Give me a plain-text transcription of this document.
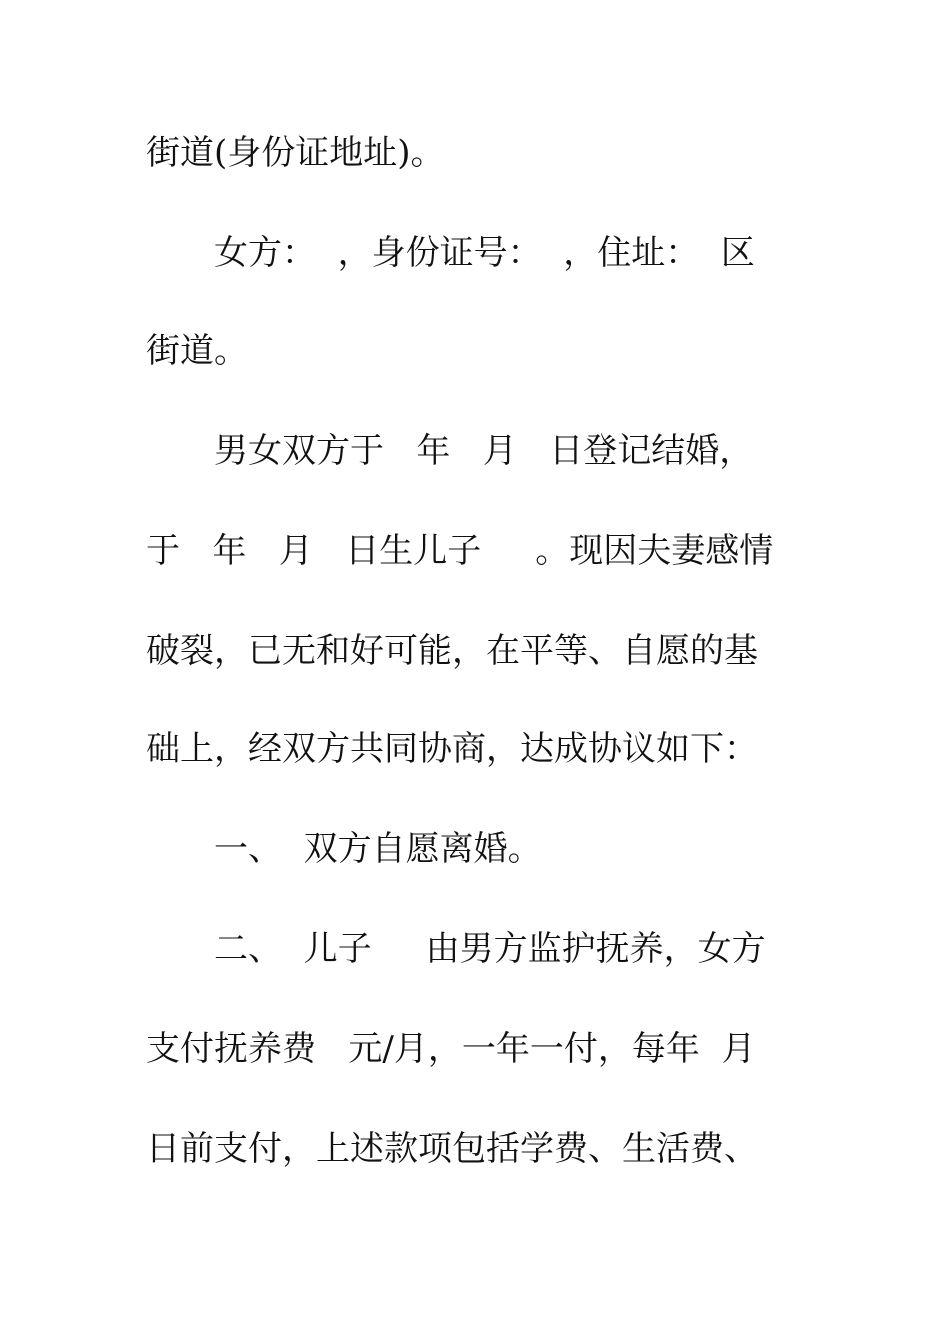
街道(身份证地址)。
女方：  ，身份证号：  ，住址：  区
街道。
男女双方于   年   月   日登记结婚，
于   年   月   日生儿子     。现因夫妻感情
破裂，已无和好可能，在平等、自愿的基
础上，经双方共同协商，达成协议如下：
一、  双方自愿离婚。
二、  儿子     由男方监护抚养，女方
支付抚养费   元/月，一年一付，每年  月
日前支付，上述款项包括学费、生活费、
